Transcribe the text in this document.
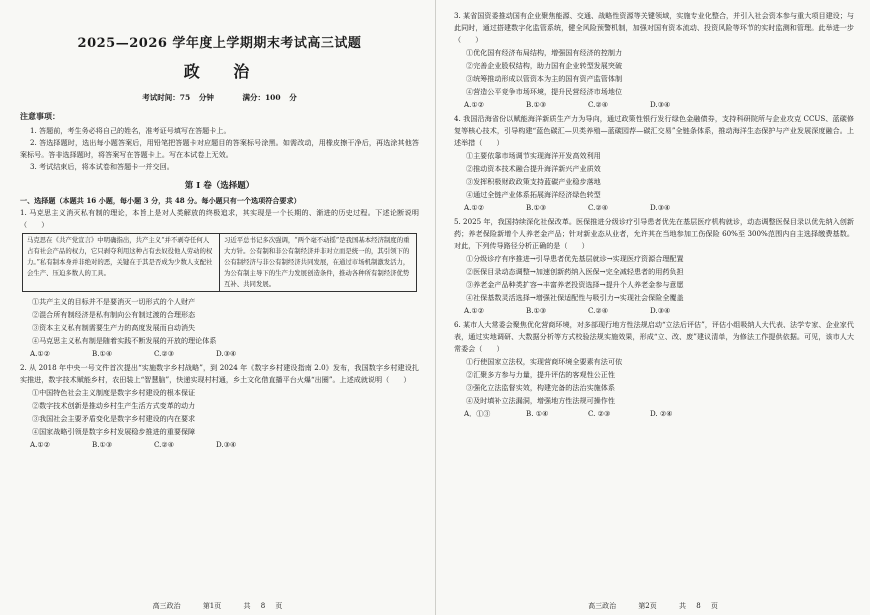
2025—2026 学年度上学期期末考试高三试题
政 治
考试时间：75 分钟	满分：100 分
注意事项：

1. 答题前，考生务必将自己的姓名，准考证号填写在答题卡上。

2. 答选择题时，选出每小题答案后，用铅笔把答题卡对应题目的答案标号涂黑。如需改动，用橡皮擦干净后，再选涂其他答案标号。答非选择题时，将答案写在答题卡上。写在本试卷上无效。

3. 考试结束后，将本试卷和答题卡一并交回。

第 I 卷（选择题）

一、选择题（本题共 16 小题，每小题 3 分，共 48 分。每小题只有一个选项符合要求）

1. 马克思主义消灭私有制的理论，本旨上是对人类解放的终极追求，其实现是一个长期的、渐进的历史过程。下述论断说明（　　）

马克思在《共产党宣言》中明确指出，共产主义“并不剥夺任何人占有社会产品的权力，它只剥夺利用这种占有去奴役他人劳动的权力。”私有制本身并非绝对的恶，关键在于其是否成为少数人支配社会生产、压迫多数人的工具。
习近平总书记多次强调，“两个毫不动摇”是我国基本经济制度的重大方针。公有制和非公有制经济并非对立而是统一的，其引领下的公有制经济与非公有制经济共同发展，在通过市场机制激发活力，为公有制主导下的生产力发展创造条件，推动各种所有制经济优势互补、共同发展。

①共产主义的目标并不是要消灭一切形式的个人财产

②混合所有制经济是私有制向公有制过渡的合理形态

③资本主义私有制需要生产力的高度发展而自动消失

④马克思主义私有制是随着实践不断发展的开放的理论体系

A.①②	B.①④	C.②③	D.③④

2. 从 2018 年中央一号文件首次提出“实施数字乡村战略”，到 2024 年《数字乡村建设指南 2.0》发布，我国数字乡村建设扎实推进，数字技术赋能乡村，农田装上“智慧脑”，快递实现村村通，乡土文化借直播平台火爆“出圈”。上述成就说明（　　）

①中国特色社会主义制度是数字乡村建设的根本保证

②数字技术创新是推动乡村生产生活方式变革的动力

③我国社会主要矛盾变化是数字乡村建设的内在要求

④国家战略引领是数字乡村发展稳步推进的重要保障

A.①②	B.①③	C.②④	D.③④
高三政治	第1页	共 8 页

3. 某省国资委推动国有企业聚焦能源、交通、战略性资源等关键领域，实施专业化整合，并引入社会资本参与重大项目建设；与此同时，通过搭建数字化监管系统，健全风险预警机制，加强对国有资本流动、投资风险等环节的实时监测和管理。此举进一步（　　）

①优化国有经济布局结构，增强国有经济的控制力

②完善企业股权结构，助力国有企业转型发展突破

③统筹推动形成以管资本为主的国有资产监管体制

④营造公平竞争市场环境，提升民营经济市场地位

A.①②	B.①③	C.②④	D.③④

4. 我国沿海省份以赋能海洋新质生产力为导向，通过政策性银行发行绿色金融债券，支持科研院所与企业攻克 CCUS、蓝碳修复等核心技术，引导构建“蓝色碳汇—贝类养殖—蓝碳园荐—碳汇交易”全链条体系，推动海洋生态保护与产业发展深度融合。上述举措（　　）

①主要依靠市场调节实现海洋开发高效利用

②推动资本技术融合提升海洋新兴产业质效

③发挥积极财政政策支持蓝碳产业稳步落地

④通过全链产业体系拓展海洋经济绿色转型

A.①②	B.①③	C.②④	D.③④

5. 2025 年，我国持续深化社保改革。医保推进分级诊疗引导患者优先在基层医疗机构就诊，动态调整医保目录以优先纳入创新药；养老保险新增个人养老金产品；针对新业态从业者，允许其在当地参加工伤保险 60%至 300%范围内自主选择缴费基数。对此，下列传导路径分析正确的是（　　）

①分级诊疗有序推进→引导患者优先基层就诊→实现医疗资源合理配置

②医保目录动态调整→加速创新药纳入医保→完全减轻患者的用药负担

③养老金产品种类扩容→丰富养老投资选择→提升个人养老金参与意愿

④社保基数灵活选择→增强社保适配性与吸引力→实现社会保险全覆盖

A.①②	B.①③	C.②④	D.③④

6. 某市人大常委会聚焦优化营商环境，对多部现行地方性法规启动“立法后评估”，评估小组吸纳人大代表、法学专家、企业家代表，通过实地调研、大数据分析等方式校验法规实施效果，形成“立、改、废”建议清单，为修法工作提供依据。可见，该市人大常委会（　　）

①行使国家立法权，实现营商环境全要素有法可依

②汇聚多方参与力量，提升评估的客观性公正性

③强化立法监督实效，构建完备的法治实施体系

④及时填补立法漏洞，增强地方性法规可操作性

A．①③	B. ①④	C. ②③	D. ②④
高三政治	第2页	共 8 页
